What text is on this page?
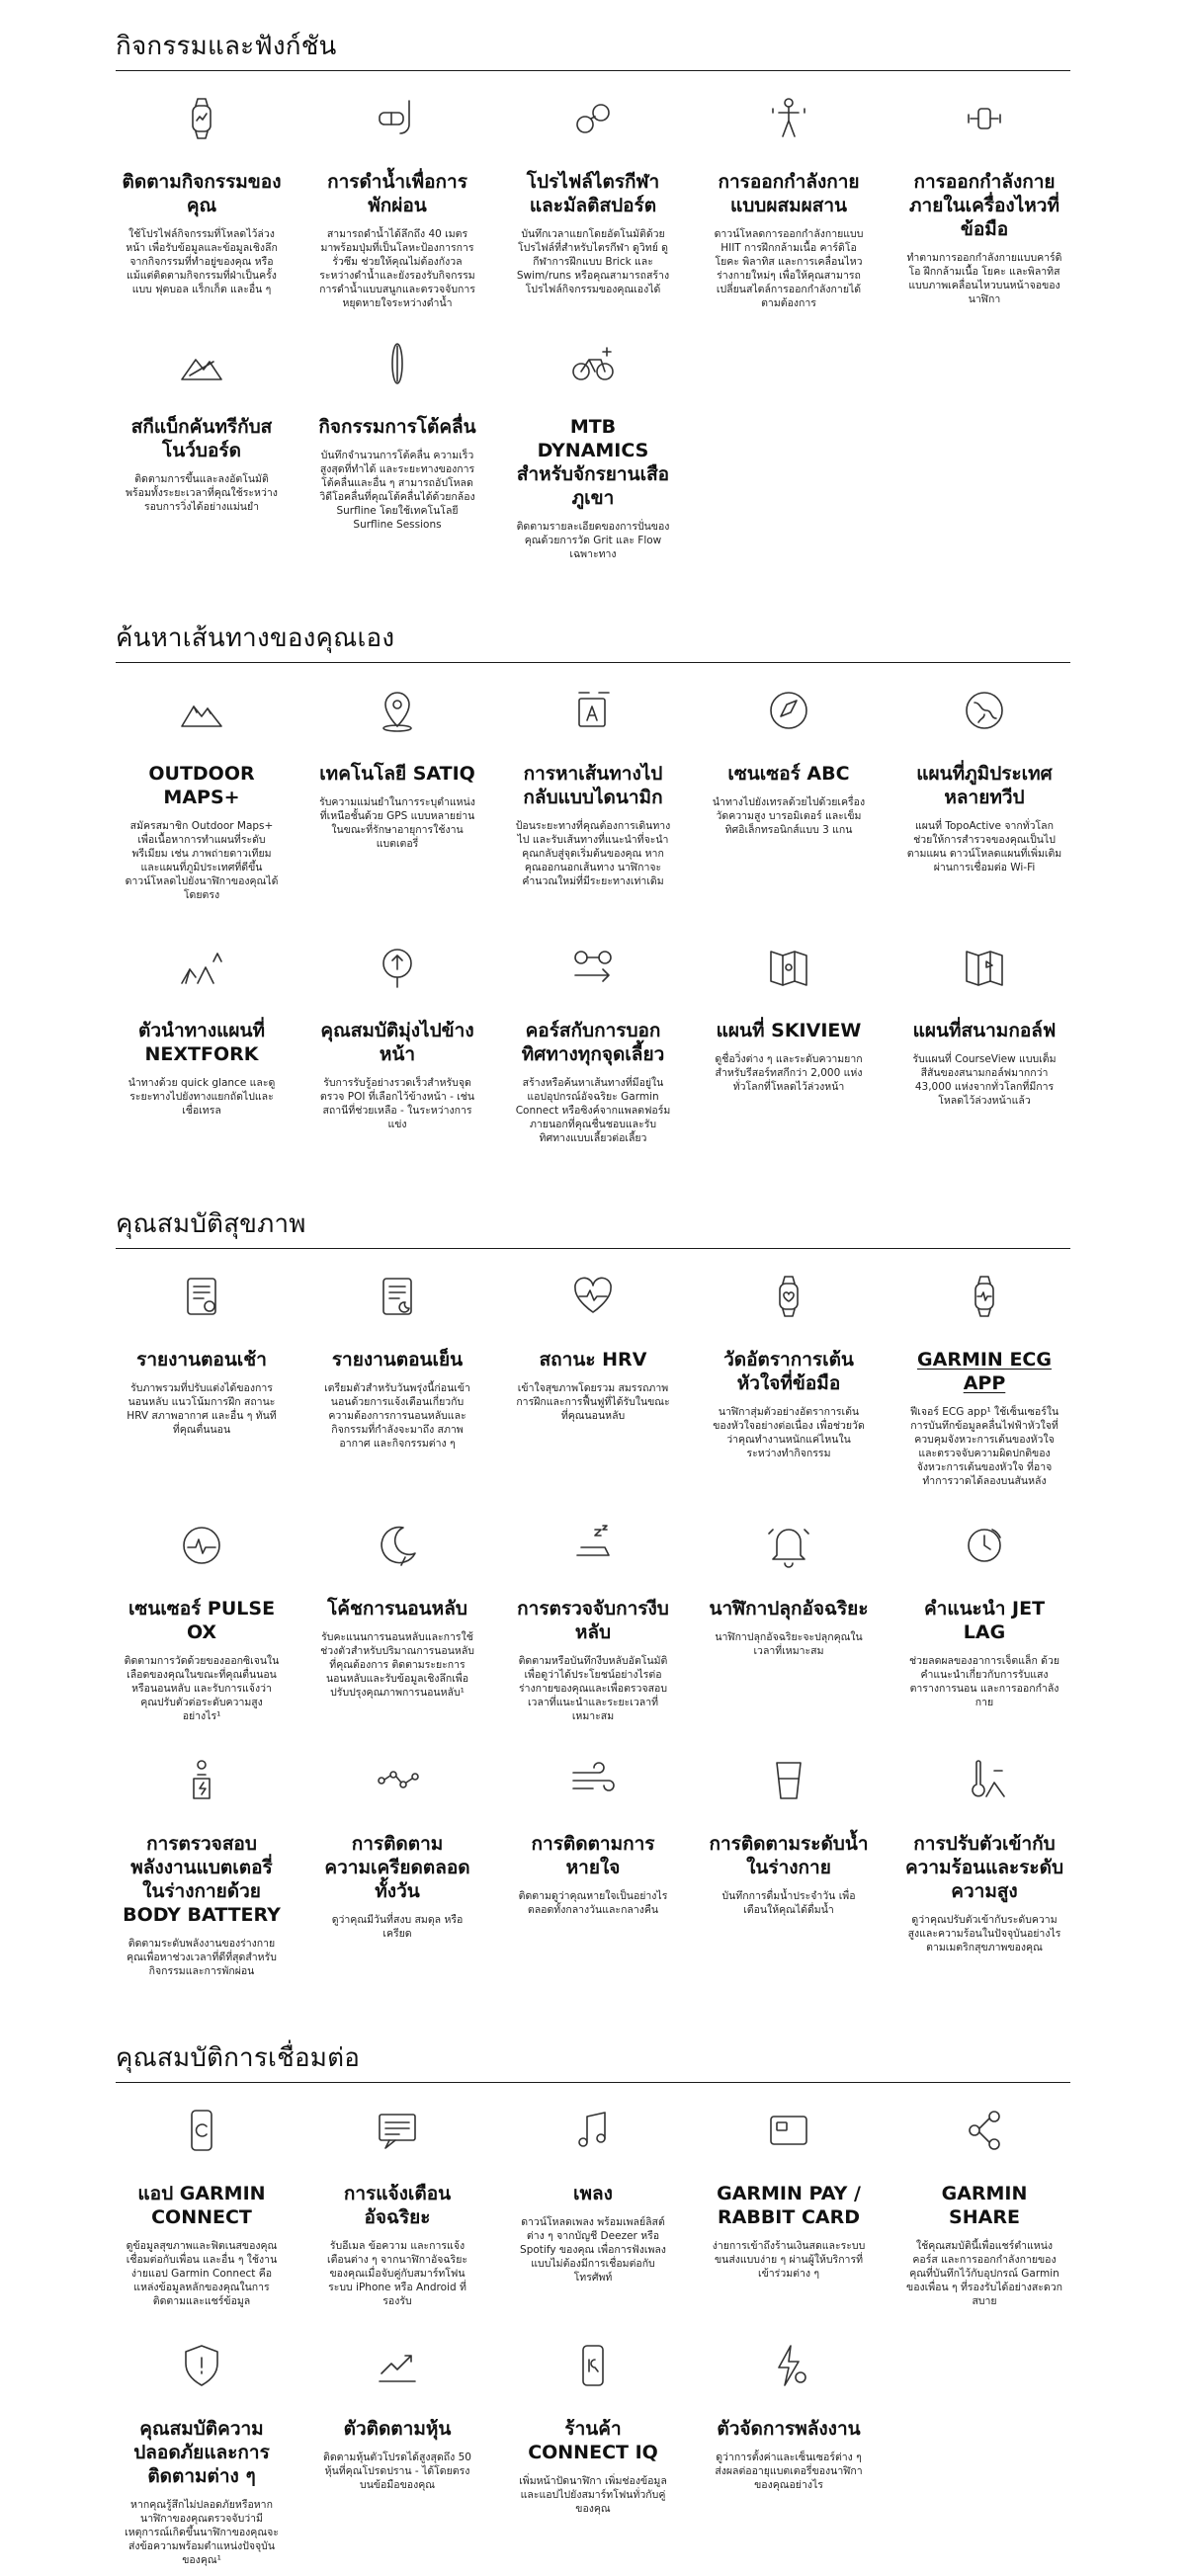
กิจกรรมและฟังก์ชัน
ติดตามกิจกรรมของคุณ
ใช้โปรไฟล์กิจกรรมที่โหลดไว้ล่วงหน้า เพื่อรับข้อมูลและข้อมูลเชิงลึกจากกิจกรรมที่ทำอยู่ของคุณ หรือแม้แต่ติดตามกิจกรรมที่ฝ่าเป็นครั้งแบบ ฟุตบอล แร็กเก็ต และอื่น ๆ
การดำน้ำเพื่อการพักผ่อน
สามารถดำน้ำได้ลึกถึง 40 เมตร มาพร้อมปุ่มที่เป็นโลหะป้องการการรั่วซึม ช่วยให้คุณไม่ต้องกังวลระหว่างดำน้ำและยังรองรับกิจกรรมการดำน้ำแบบสนูกและตรวจจับการหยุดหายใจระหว่างดำน้ำ
โปรไฟล์ไตรกีฬาและมัลติสปอร์ต
บันทึกเวลาแยกโดยอัตโนมัติด้วยโปรไฟล์ที่สำหรับไตรกีฬา ดูวิทย์ ดูกีฬาการฝึกแบบ Brick และ Swim/runs หรือคุณสามารถสร้างโปรไฟล์กิจกรรมของคุณเองได้
การออกกำลังกายแบบผสมผสาน
ดาวน์โหลดการออกกำลังกายแบบ HIIT การฝึกกล้ามเนื้อ คาร์ดิโอ โยคะ พิลาทิส และการเคลื่อนไหวร่างกายใหม่ๆ เพื่อให้คุณสามารถเปลี่ยนสไตล์การออกกำลังกายได้ตามต้องการ
การออกกำลังกายภายในเครื่องไหวที่ข้อมือ
ทำตามการออกกำลังกายแบบคาร์ดิโอ ฝึกกล้ามเนื้อ โยคะ และพิลาทิส แบบภาพเคลื่อนไหวบนหน้าจอของนาฬิกา
สกีแบ็กคันทรีกับสโนว์บอร์ด
ติดตามการขึ้นและลงอัตโนมัติ พร้อมทั้งระยะเวลาที่คุณใช้ระหว่างรอบการวิ่งได้อย่างแม่นยำ
กิจกรรมการโต้คลื่น
บันทึกจำนวนการโต้คลื่น ความเร็วสูงสุดที่ทำได้ และระยะทางของการโต้คลื่นและอื่น ๆ สามารถอัปโหลดวิดีโอคลื่นที่คุณโต้คลื่นได้ด้วยกล้อง Surfline โดยใช้เทคโนโลยี Surfline Sessions
MTB DYNAMICS สำหรับจักรยานเสือภูเขา
ติดตามรายละเอียดของการปั่นของคุณด้วยการวัด Grit และ Flow เฉพาะทาง
ค้นหาเส้นทางของคุณเอง
OUTDOOR MAPS+
สมัครสมาชิก Outdoor Maps+ เพื่อเนื้อหาการทำแผนที่ระดับพรีเมียม เช่น ภาพถ่ายดาวเทียมและแผนที่ภูมิประเทศที่ดีขึ้น ดาวน์โหลดไปยังนาฬิกาของคุณได้โดยตรง
เทคโนโลยี SATIQ
รับความแม่นยำในการระบุตำแหน่งที่เหนือชั้นด้วย GPS แบบหลายย่านในขณะที่รักษาอายุการใช้งานแบตเตอรี่
การหาเส้นทางไปกลับแบบไดนามิก
ป้อนระยะทางที่คุณต้องการเดินทางไป และรับเส้นทางที่แนะนำที่จะนำคุณกลับสู่จุดเริ่มต้นของคุณ หากคุณออกนอกเส้นทาง นาฬิกาจะคำนวณใหม่ที่มีระยะทางเท่าเดิม
เซนเซอร์ ABC
นำทางไปยังเทรลด้วยไปด้วยเครื่องวัดความสูง บารอมิเตอร์ และเข็มทิศอิเล็กทรอนิกส์แบบ 3 แกน
แผนที่ภูมิประเทศหลายทวีป
แผนที่ TopoActive จากทั่วโลกช่วยให้การสำรวจของคุณเป็นไปตามแผน ดาวน์โหลดแผนที่เพิ่มเติมผ่านการเชื่อมต่อ Wi-Fi
ตัวนำทางแผนที่ NEXTFORK
นำทางด้วย quick glance และดูระยะทางไปยังทางแยกถัดไปและเชื่อเทรล
คุณสมบัติมุ่งไปข้างหน้า
รับการรับรู้อย่างรวดเร็วสำหรับจุดตรวจ POI ที่เลือกไว้ข้างหน้า - เช่น สถานีที่ช่วยเหลือ - ในระหว่างการแข่ง
คอร์สกับการบอกทิศทางทุกจุดเลี้ยว
สร้างหรือค้นหาเส้นทางที่มีอยู่ในแอปอุปกรณ์อัจฉริยะ Garmin Connect หรือซิงค์จากแพลตฟอร์มภายนอกที่คุณชื่นชอบและรับทิศทางแบบเลี้ยวต่อเลี้ยว
แผนที่ SKIVIEW
ดูชื่อวิ่งต่าง ๆ และระดับความยากสำหรับรีสอร์ทสกีกว่า 2,000 แห่งทั่วโลกที่โหลดไว้ล่วงหน้า
แผนที่สนามกอล์ฟ
รับแผนที่ CourseView แบบเต็มสีสันของสนามกอล์ฟมากกว่า 43,000 แห่งจากทั่วโลกที่มีการโหลดไว้ล่วงหน้าแล้ว
คุณสมบัติสุขภาพ
รายงานตอนเช้า
รับภาพรวมที่ปรับแต่งได้ของการนอนหลับ แนวโน้มการฝึก สถานะ HRV สภาพอากาศ และอื่น ๆ ทันทีที่คุณตื่นนอน
รายงานตอนเย็น
เตรียมตัวสำหรับวันพรุ่งนี้ก่อนเข้านอนด้วยการแจ้งเตือนเกี่ยวกับความต้องการการนอนหลับและกิจกรรมที่กำลังจะมาถึง สภาพอากาศ และกิจกรรมต่าง ๆ
สถานะ HRV
เข้าใจสุขภาพโดยรวม สมรรถภาพการฝึกและการฟื้นฟูที่ได้รับในขณะที่คุณนอนหลับ
วัดอัตราการเต้นหัวใจที่ข้อมือ
นาฬิกาสุ่มตัวอย่างอัตราการเต้นของหัวใจอย่างต่อเนื่อง เพื่อช่วยวัดว่าคุณทำงานหนักแค่ไหนในระหว่างทำกิจกรรม
GARMIN ECG APP
ฟีเจอร์ ECG app¹ ใช้เซ็นเซอร์ในการบันทึกข้อมูลคลื่นไฟฟ้าหัวใจที่ควบคุมจังหวะการเต้นของหัวใจ และตรวจจับความผิดปกติของจังหวะการเต้นของหัวใจ ที่อาจทำการวาดได้ลองบนสันหลัง
เซนเซอร์ PULSE OX
ติดตามการวัดด้วยของออกซิเจนในเลือดของคุณในขณะที่คุณตื่นนอนหรือนอนหลับ และรับการแจ้งว่าคุณปรับตัวต่อระดับความสูงอย่างไร¹
โค้ชการนอนหลับ
รับคะแนนการนอนหลับและการใช้ช่วงตัวสำหรับปริมาณการนอนหลับที่คุณต้องการ ติดตามระยะการนอนหลับและรับข้อมูลเชิงลึกเพื่อปรับปรุงคุณภาพการนอนหลับ¹
การตรวจจับการงีบหลับ
ติดตามหรือบันทึกงีบหลับอัตโนมัติเพื่อดูว่าได้ประโยชน์อย่างไรต่อร่างกายของคุณและเพื่อตรวจสอบเวลาที่แนะนำและระยะเวลาที่เหมาะสม
นาฬิกาปลุกอัจฉริยะ
นาฬิกาปลุกอัจฉริยะจะปลุกคุณในเวลาที่เหมาะสม
คำแนะนำ JET LAG
ช่วยลดผลของอาการเจ็ตแล็ก ด้วยคำแนะนำเกี่ยวกับการรับแสง ตารางการนอน และการออกกำลังกาย
การตรวจสอบพลังงานแบตเตอรี่ในร่างกายด้วย BODY BATTERY
ติดตามระดับพลังงานของร่างกายคุณเพื่อหาช่วงเวลาที่ดีที่สุดสำหรับกิจกรรมและการพักผ่อน
การติดตามความเครียดตลอดทั้งวัน
ดูว่าคุณมีวันที่สงบ สมดุล หรือเครียด
การติดตามการหายใจ
ติดตามดูว่าคุณหายใจเป็นอย่างไรตลอดทั้งกลางวันและกลางคืน
การติดตามระดับน้ำในร่างกาย
บันทึกการดื่มน้ำประจำวัน เพื่อเตือนให้คุณได้ดื่มน้ำ
การปรับตัวเข้ากับความร้อนและระดับความสูง
ดูว่าคุณปรับตัวเข้ากับระดับความสูงและความร้อนในปัจจุบันอย่างไรตามเมตริกสุขภาพของคุณ
คุณสมบัติการเชื่อมต่อ
แอป GARMIN CONNECT
ดูข้อมูลสุขภาพและฟิตเนสของคุณเชื่อมต่อกับเพื่อน และอื่น ๆ ใช้งานง่ายแอป Garmin Connect คือแหล่งข้อมูลหลักของคุณในการติดตามและแชร์ข้อมูล
การแจ้งเตือนอัจฉริยะ
รับอีเมล ข้อความ และการแจ้งเตือนต่าง ๆ จากนาฬิกาอัจฉริยะของคุณเมื่อจับคู่กับสมาร์ทโฟนระบบ iPhone หรือ Android ที่รองรับ
เพลง
ดาวน์โหลดเพลง พร้อมเพลย์ลิสต์ต่าง ๆ จากบัญชี Deezer หรือ Spotify ของคุณ เพื่อการฟังเพลงแบบไม่ต้องมีการเชื่อมต่อกับโทรศัพท์
GARMIN PAY / RABBIT CARD
ง่ายการเข้าถึงร้านเงินสดและระบบขนส่งแบบง่าย ๆ ผ่านผู้ให้บริการที่เข้าร่วมต่าง ๆ
GARMIN SHARE
ใช้คุณสมบัตินี้เพื่อแชร์ตำแหน่ง คอร์ส และการออกกำลังกายของคุณที่บันทึกไว้กับอุปกรณ์ Garmin ของเพื่อน ๆ ที่รองรับได้อย่างสะดวกสบาย
คุณสมบัติความปลอดภัยและการติดตามต่าง ๆ
หากคุณรู้สึกไม่ปลอดภัยหรือหากนาฬิกาของคุณตรวจจับว่ามีเหตุการณ์เกิดขึ้นนาฬิกาของคุณจะส่งข้อความพร้อมตำแหน่งปัจจุบันของคุณ¹
ตัวติดตามหุ้น
ติดตามหุ้นตัวโปรดได้สูงสุดถึง 50 หุ้นที่คุณโปรดปราน - ได้โดยตรงบนข้อมือของคุณ
ร้านค้า CONNECT IQ
เพิ่มหน้าปัดนาฬิกา เพิ่มช่องข้อมูล และแอปไปยังสมาร์ทโฟนทั่วกับคู่ของคุณ
ตัวจัดการพลังงาน
ดูว่าการตั้งค่าและเซ็นเซอร์ต่าง ๆ ส่งผลต่ออายุแบตเตอรี่ของนาฬิกาของคุณอย่างไร
